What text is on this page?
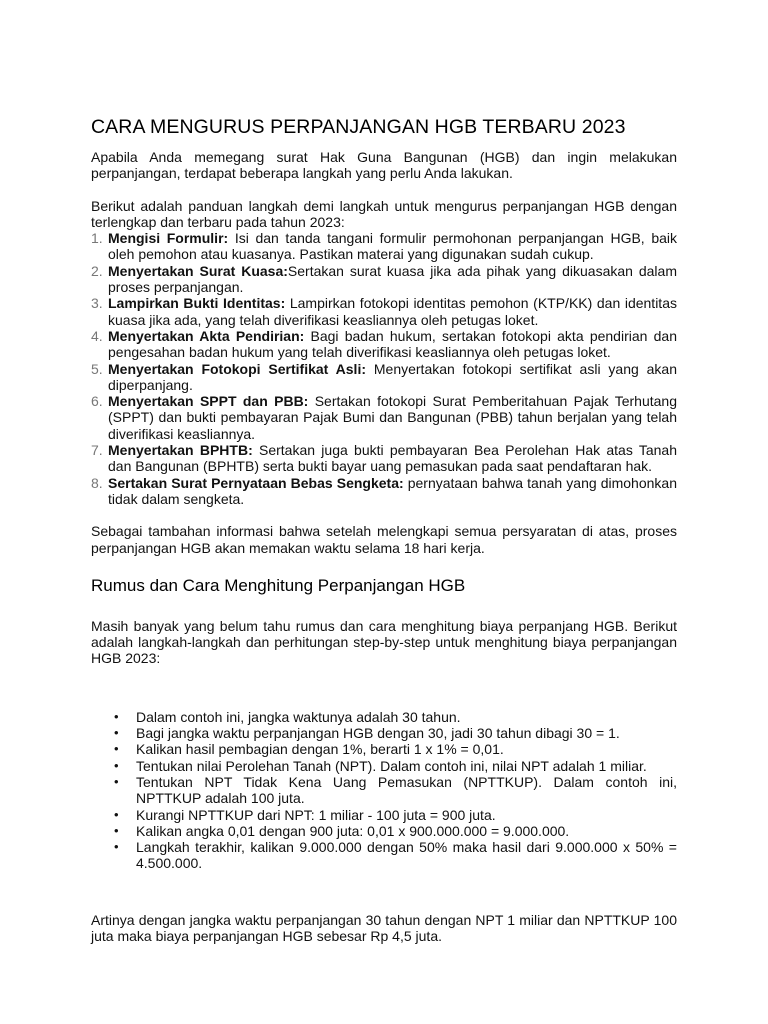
CARA MENGURUS PERPANJANGAN HGB TERBARU 2023

Apabila Anda memegang surat Hak Guna Bangunan (HGB) dan ingin melakukan perpanjangan, terdapat beberapa langkah yang perlu Anda lakukan.

Berikut adalah panduan langkah demi langkah untuk mengurus perpanjangan HGB dengan terlengkap dan terbaru pada tahun 2023:

1. Mengisi Formulir: Isi dan tanda tangani formulir permohonan perpanjangan HGB, baik oleh pemohon atau kuasanya. Pastikan materai yang digunakan sudah cukup.
2. Menyertakan Surat Kuasa:Sertakan surat kuasa jika ada pihak yang dikuasakan dalam proses perpanjangan.
3. Lampirkan Bukti Identitas: Lampirkan fotokopi identitas pemohon (KTP/KK) dan identitas kuasa jika ada, yang telah diverifikasi keasliannya oleh petugas loket.
4. Menyertakan Akta Pendirian: Bagi badan hukum, sertakan fotokopi akta pendirian dan pengesahan badan hukum yang telah diverifikasi keasliannya oleh petugas loket.
5. Menyertakan Fotokopi Sertifikat Asli: Menyertakan fotokopi sertifikat asli yang akan diperpanjang.
6. Menyertakan SPPT dan PBB: Sertakan fotokopi Surat Pemberitahuan Pajak Terhutang (SPPT) dan bukti pembayaran Pajak Bumi dan Bangunan (PBB) tahun berjalan yang telah diverifikasi keasliannya.
7. Menyertakan BPHTB: Sertakan juga bukti pembayaran Bea Perolehan Hak atas Tanah dan Bangunan (BPHTB) serta bukti bayar uang pemasukan pada saat pendaftaran hak.
8. Sertakan Surat Pernyataan Bebas Sengketa: pernyataan bahwa tanah yang dimohonkan tidak dalam sengketa.

Sebagai tambahan informasi bahwa setelah melengkapi semua persyaratan di atas, proses perpanjangan HGB akan memakan waktu selama 18 hari kerja.

Rumus dan Cara Menghitung Perpanjangan HGB

Masih banyak yang belum tahu rumus dan cara menghitung biaya perpanjang HGB. Berikut adalah langkah-langkah dan perhitungan step-by-step untuk menghitung biaya perpanjangan HGB 2023:

• Dalam contoh ini, jangka waktunya adalah 30 tahun.
• Bagi jangka waktu perpanjangan HGB dengan 30, jadi 30 tahun dibagi 30 = 1.
• Kalikan hasil pembagian dengan 1%, berarti 1 x 1% = 0,01.
• Tentukan nilai Perolehan Tanah (NPT). Dalam contoh ini, nilai NPT adalah 1 miliar.
• Tentukan NPT Tidak Kena Uang Pemasukan (NPTTKUP). Dalam contoh ini, NPTTKUP adalah 100 juta.
• Kurangi NPTTKUP dari NPT: 1 miliar - 100 juta = 900 juta.
• Kalikan angka 0,01 dengan 900 juta: 0,01 x 900.000.000 = 9.000.000.
• Langkah terakhir, kalikan 9.000.000 dengan 50% maka hasil dari 9.000.000 x 50% = 4.500.000.

Artinya dengan jangka waktu perpanjangan 30 tahun dengan NPT 1 miliar dan NPTTKUP 100 juta maka biaya perpanjangan HGB sebesar Rp 4,5 juta.
